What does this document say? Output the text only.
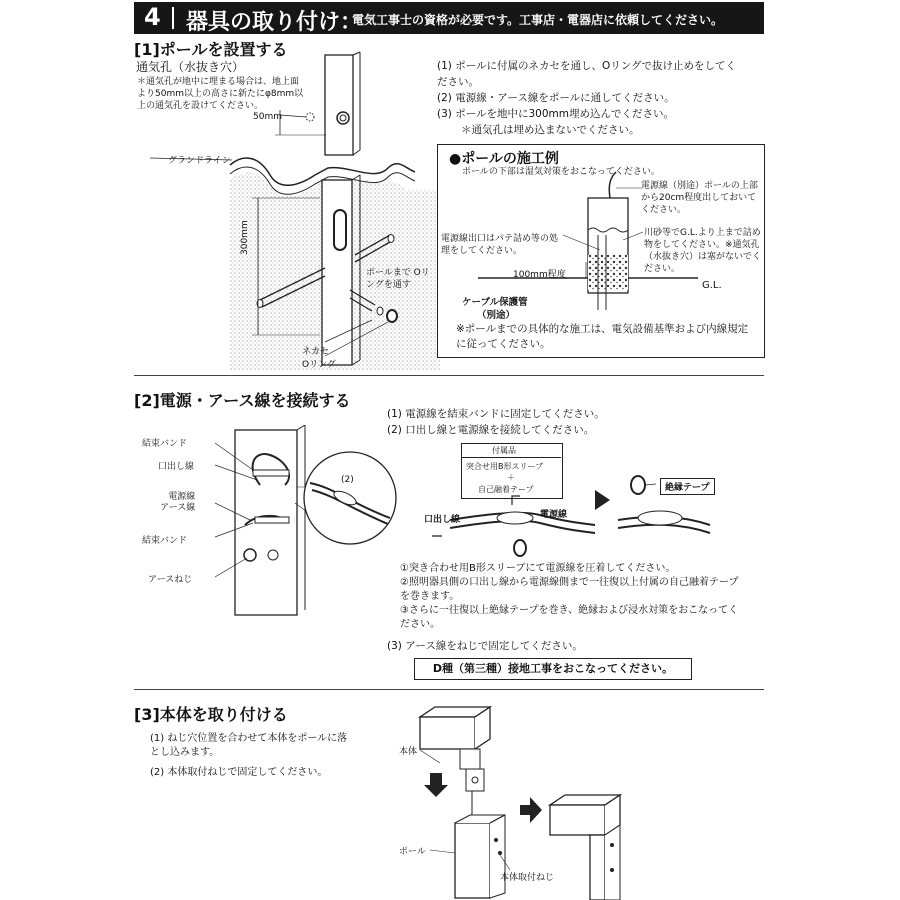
4 器具の取り付け：
電気工事士の資格が必要です。工事店・電器店に依頼してください。
[1]ポールを設置する
通気孔（水抜き穴）
＊通気孔が地中に埋まる場合は、地上面より50mm以上の高さに新たにφ8mm以上の通気孔を設けてください。
50mm
グランドライン
300mm
ポールまで Oリングを通す
ネカセ
Oリング
(1) ポールに付属のネカセを通し、Oリングで抜け止めをしてください。
(2) 電源線・アース線をポールに通してください。
(3) ポールを地中に300mm埋め込んでください。
＊通気孔は埋め込まないでください。
●ポールの施工例
ポールの下部は湿気対策をおこなってください。
電源線（別途）ポールの上部から20cm程度出しておいてください。
電源線出口はパテ詰め等の処理をしてください。
川砂等でG.L.より上まで詰め物をしてください。※通気孔（水抜き穴）は塞がないでください。
100mm程度
G.L.
ケーブル保護管
（別途）
※ポールまでの具体的な施工は、電気設備基準および内線規定に従ってください。
[2]電源・アース線を接続する
結束バンド
口出し線
電源線
アース線
結束バンド
アースねじ
(2)
(1) 電源線を結束バンドに固定してください。
(2) 口出し線と電源線を接続してください。
付属品
突合せ用B形スリーブ
＋
自己融着テープ
口出し線	電源線
絶縁テープ
①突き合わせ用B形スリーブにて電源線を圧着してください。
②照明器具側の口出し線から電源線側まで一往復以上付属の自己融着テープを巻きます。
③さらに一往復以上絶縁テープを巻き、絶縁および浸水対策をおこなってください。
(3) アース線をねじで固定してください。
D種（第三種）接地工事をおこなってください。
[3]本体を取り付ける
(1) ねじ穴位置を合わせて本体をポールに落とし込みます。
(2) 本体取付ねじで固定してください。
本体
ポール
本体取付ねじ
